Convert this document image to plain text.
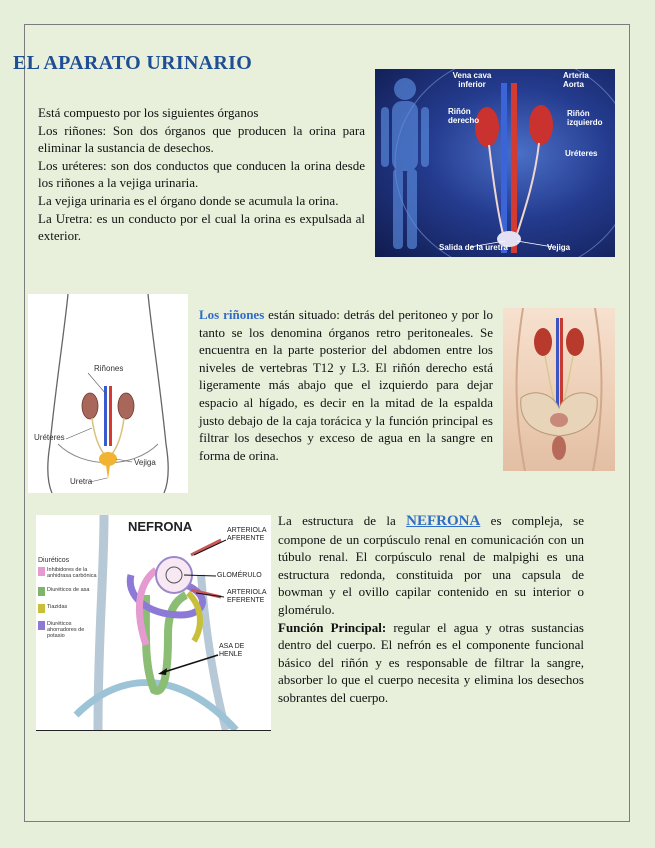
EL APARATO URINARIO

Está compuesto por los siguientes órganos

Los riñones: Son dos órganos que producen la orina para eliminar la sustancia de desechos.

Los uréteres: son dos conductos que conducen la orina desde los riñones a la vejiga urinaria.

La vejiga urinaria es el órgano donde se acumula la orina.

La Uretra: es un conducto por el cual la orina es expulsada al exterior.

Vena cava inferior
Arteria Aorta
Riñón derecho
Riñón izquierdo
Uréteres
Salida de la uretra	Vejiga
Riñones
Uréteres
Vejiga
Uretra
Los riñones están situado: detrás del peritoneo y por lo tanto se los denomina órganos retro peritoneales. Se encuentra en la parte posterior del abdomen entre los niveles de vertebras T12 y L3. El riñón derecho está ligeramente más abajo que el izquierdo para dejar espacio al hígado, es decir en la mitad de la espalda justo debajo de la caja torácica y la función principal es filtrar los desechos y exceso de agua en la sangre en forma de orina.
NEFRONA
Diuréticos
Inhibidores de la anhidrasa carbónica
Diuréticos de asa
Tiazidas
Diuréticos ahorradores de potasio
ARTERIOLA AFERENTE
GLOMÉRULO
ARTERIOLA EFERENTE
ASA DE HENLE

La estructura de la NEFRONA es compleja, se compone de un corpúsculo renal en comunicación con un túbulo renal. El corpúsculo renal de malpighi es una estructura redonda, constituida por una capsula de bowman y el ovillo capilar contenido en su interior o glomérulo.

Función Principal: regular el agua y otras sustancias dentro del cuerpo. El nefrón es el componente funcional básico del riñón y es responsable de filtrar la sangre, absorber lo que el cuerpo necesita y elimina los desechos sobrantes del cuerpo.
